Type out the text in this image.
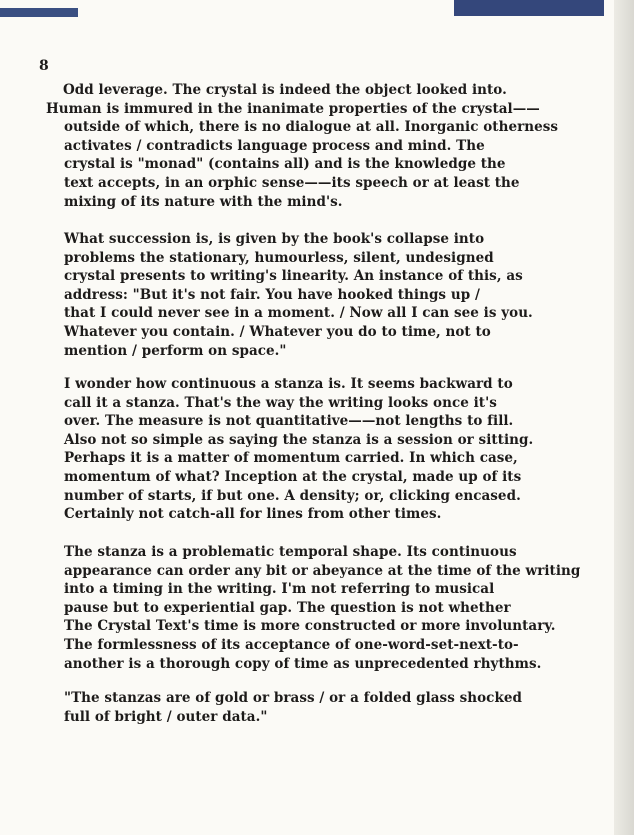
8
Odd leverage. The crystal is indeed the object looked into.
Human is immured in the inanimate properties of the crystal——
outside of which, there is no dialogue at all. Inorganic otherness
activates / contradicts language process and mind. The
crystal is "monad" (contains all) and is the knowledge the
text accepts, in an orphic sense——its speech or at least the
mixing of its nature with the mind's.
What succession is, is given by the book's collapse into
problems the stationary, humourless, silent, undesigned
crystal presents to writing's linearity. An instance of this, as
address: "But it's not fair. You have hooked things up /
that I could never see in a moment. / Now all I can see is you.
Whatever you contain. / Whatever you do to time, not to
mention / perform on space."
I wonder how continuous a stanza is. It seems backward to
call it a stanza. That's the way the writing looks once it's
over. The measure is not quantitative——not lengths to fill.
Also not so simple as saying the stanza is a session or sitting.
Perhaps it is a matter of momentum carried. In which case,
momentum of what? Inception at the crystal, made up of its
number of starts, if but one. A density; or, clicking encased.
Certainly not catch-all for lines from other times.
The stanza is a problematic temporal shape. Its continuous
appearance can order any bit or abeyance at the time of the writing
into a timing in the writing. I'm not referring to musical
pause but to experiential gap. The question is not whether
The Crystal Text's time is more constructed or more involuntary.
The formlessness of its acceptance of one-word-set-next-to-
another is a thorough copy of time as unprecedented rhythms.
"The stanzas are of gold or brass / or a folded glass shocked
full of bright / outer data."
